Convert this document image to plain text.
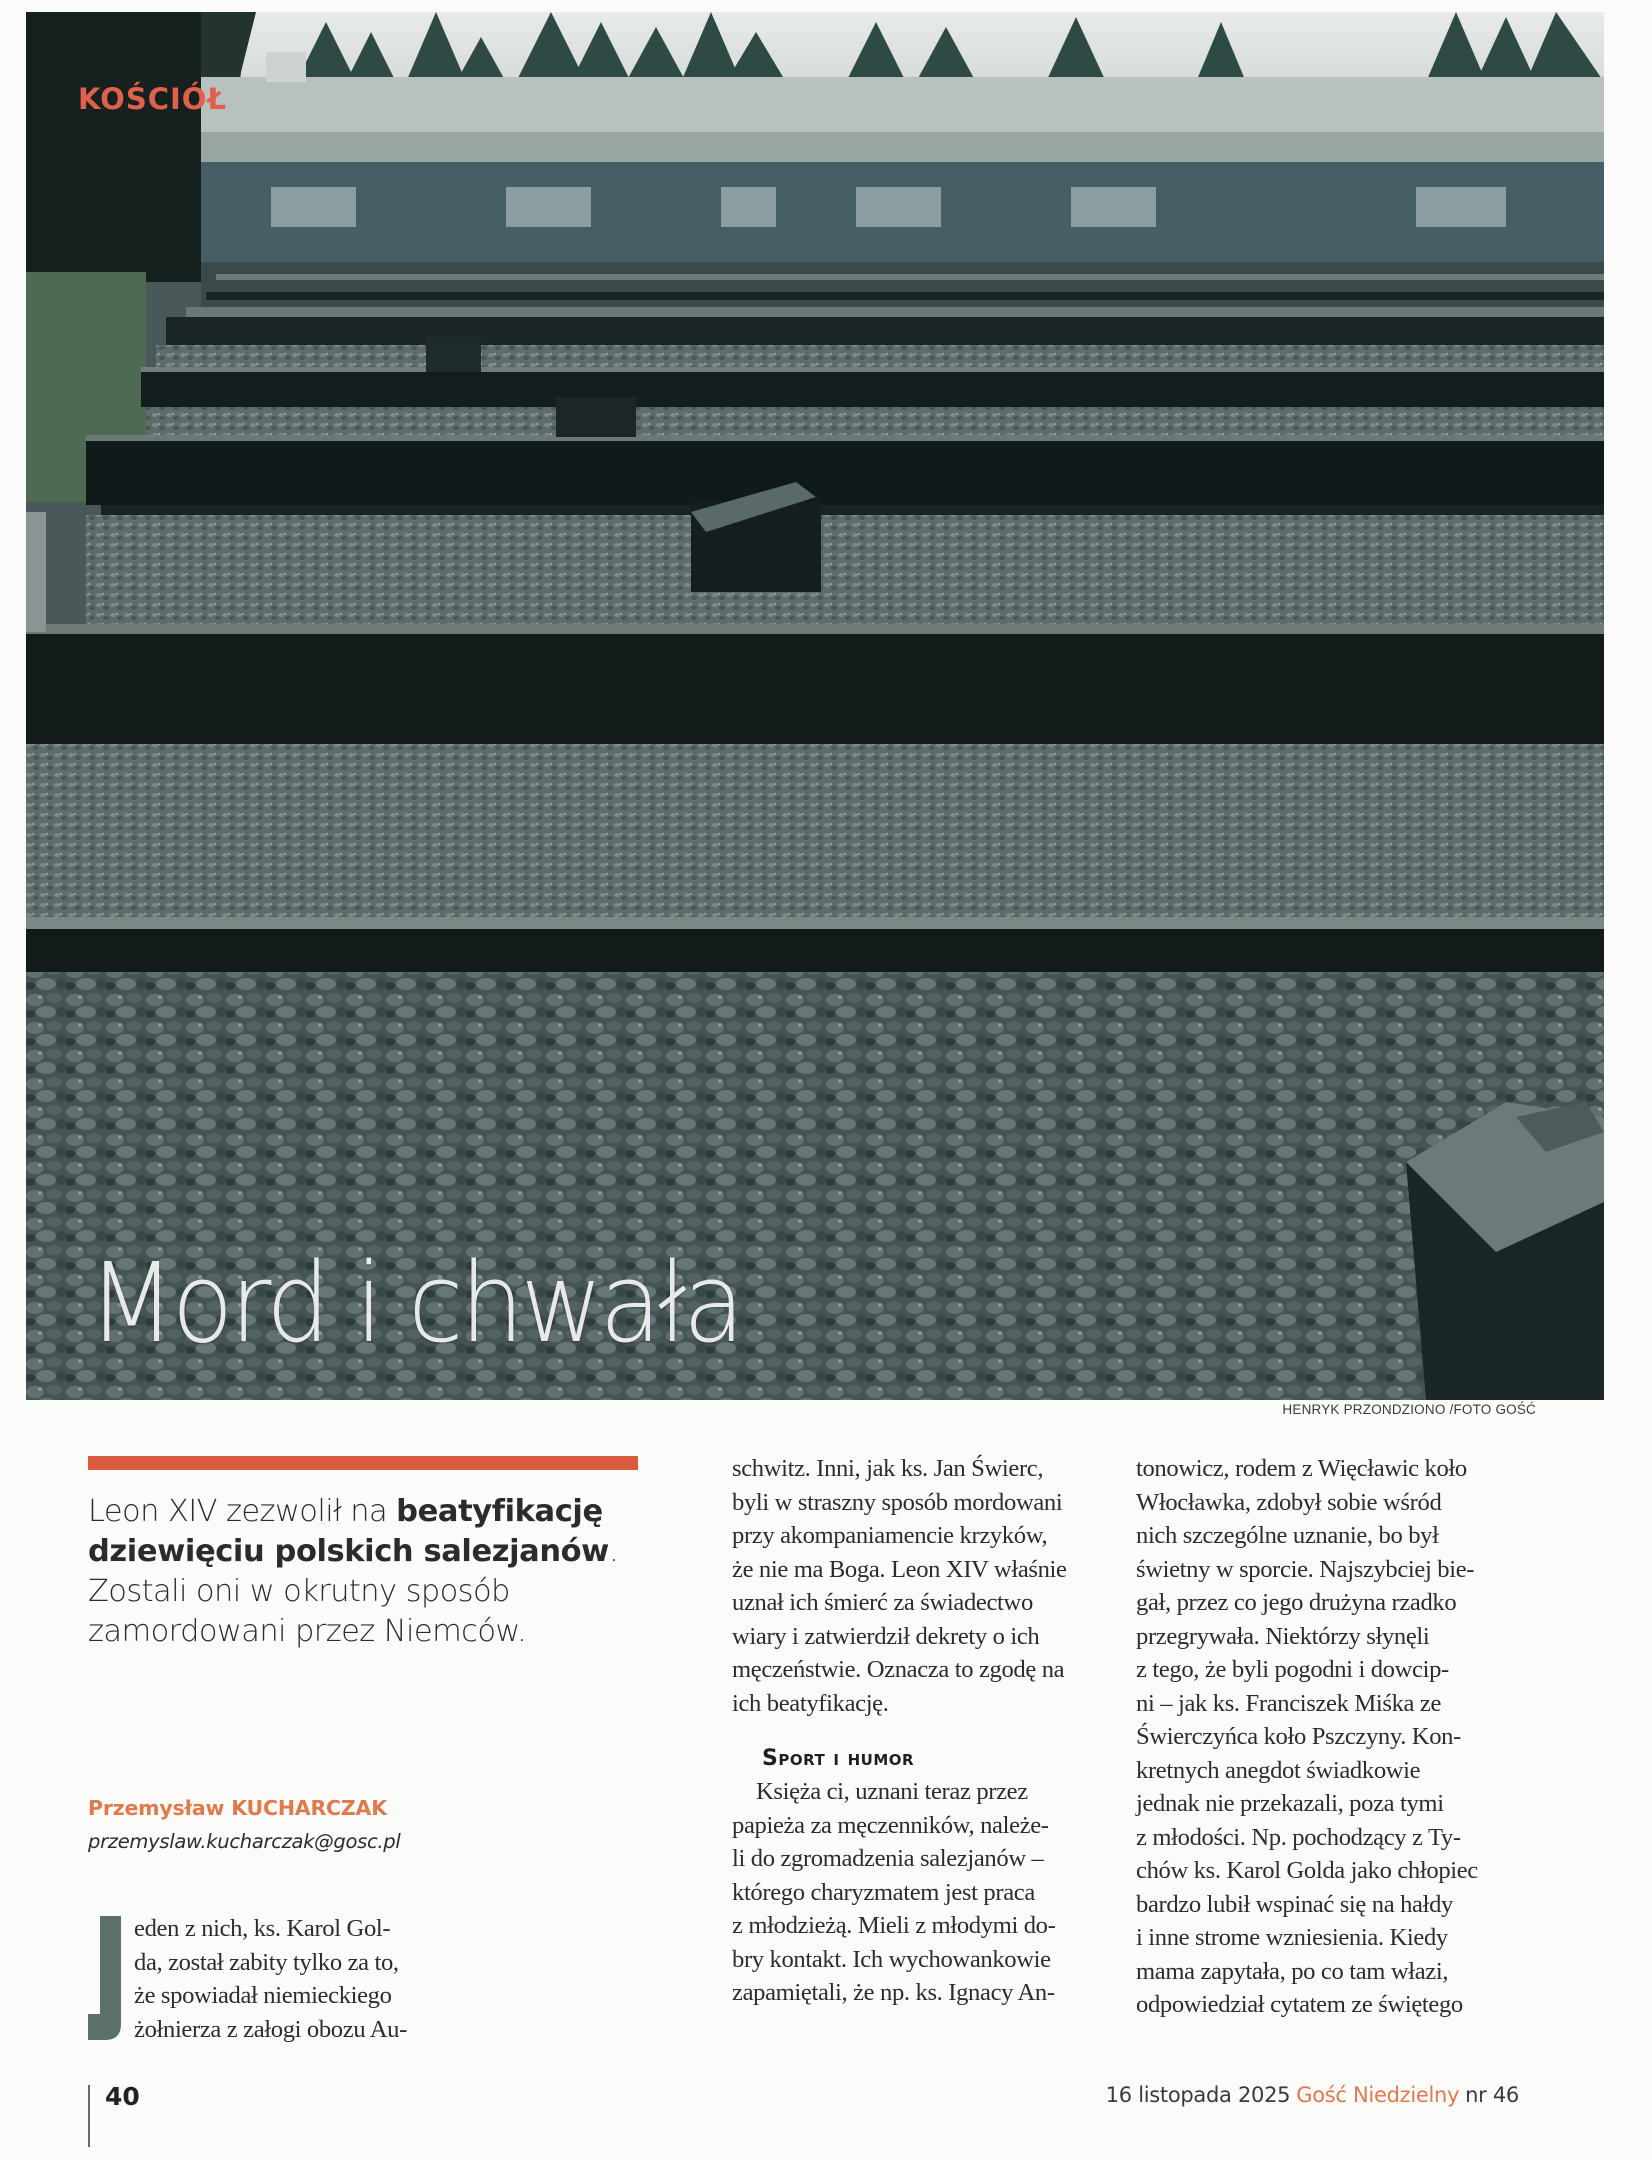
KOŚCIÓŁ
Mord i chwała
HENRYK PRZONDZIONO /FOTO GOŚĆ
Leon XIV zezwolił na beatyfikację dziewięciu polskich salezjanów. Zostali oni w okrutny sposób zamordowani przez Niemców.
Przemysław KUCHARCZAK
przemyslaw.kucharczak@gosc.pl
eden z nich, ks. Karol Gol-
da, został zabity tylko za to,
że spowiadał niemieckiego
żołnierza z załogi obozu Au-
schwitz. Inni, jak ks. Jan Świerc,
byli w straszny sposób mordowani
przy akompaniamencie krzyków,
że nie ma Boga. Leon XIV właśnie
uznał ich śmierć za świadectwo
wiary i zatwierdził dekrety o ich
męczeństwie. Oznacza to zgodę na
ich beatyfikację.
Sport i humor
Księża ci, uznani teraz przez
papieża za męczenników, należe-
li do zgromadzenia salezjanów –
którego charyzmatem jest praca
z młodzieżą. Mieli z młodymi do-
bry kontakt. Ich wychowankowie
zapamiętali, że np. ks. Ignacy An-
tonowicz, rodem z Więcławic koło
Włocławka, zdobył sobie wśród
nich szczególne uznanie, bo był
świetny w sporcie. Najszybciej bie-
gał, przez co jego drużyna rzadko
przegrywała. Niektórzy słynęli
z tego, że byli pogodni i dowcip-
ni – jak ks. Franciszek Miśka ze
Świerczyńca koło Pszczyny. Kon-
kretnych anegdot świadkowie
jednak nie przekazali, poza tymi
z młodości. Np. pochodzący z Ty-
chów ks. Karol Golda jako chłopiec
bardzo lubił wspinać się na hałdy
i inne strome wzniesienia. Kiedy
mama zapytała, po co tam włazi,
odpowiedział cytatem ze świętego
40	16 listopada 2025 Gość Niedzielny nr 46
